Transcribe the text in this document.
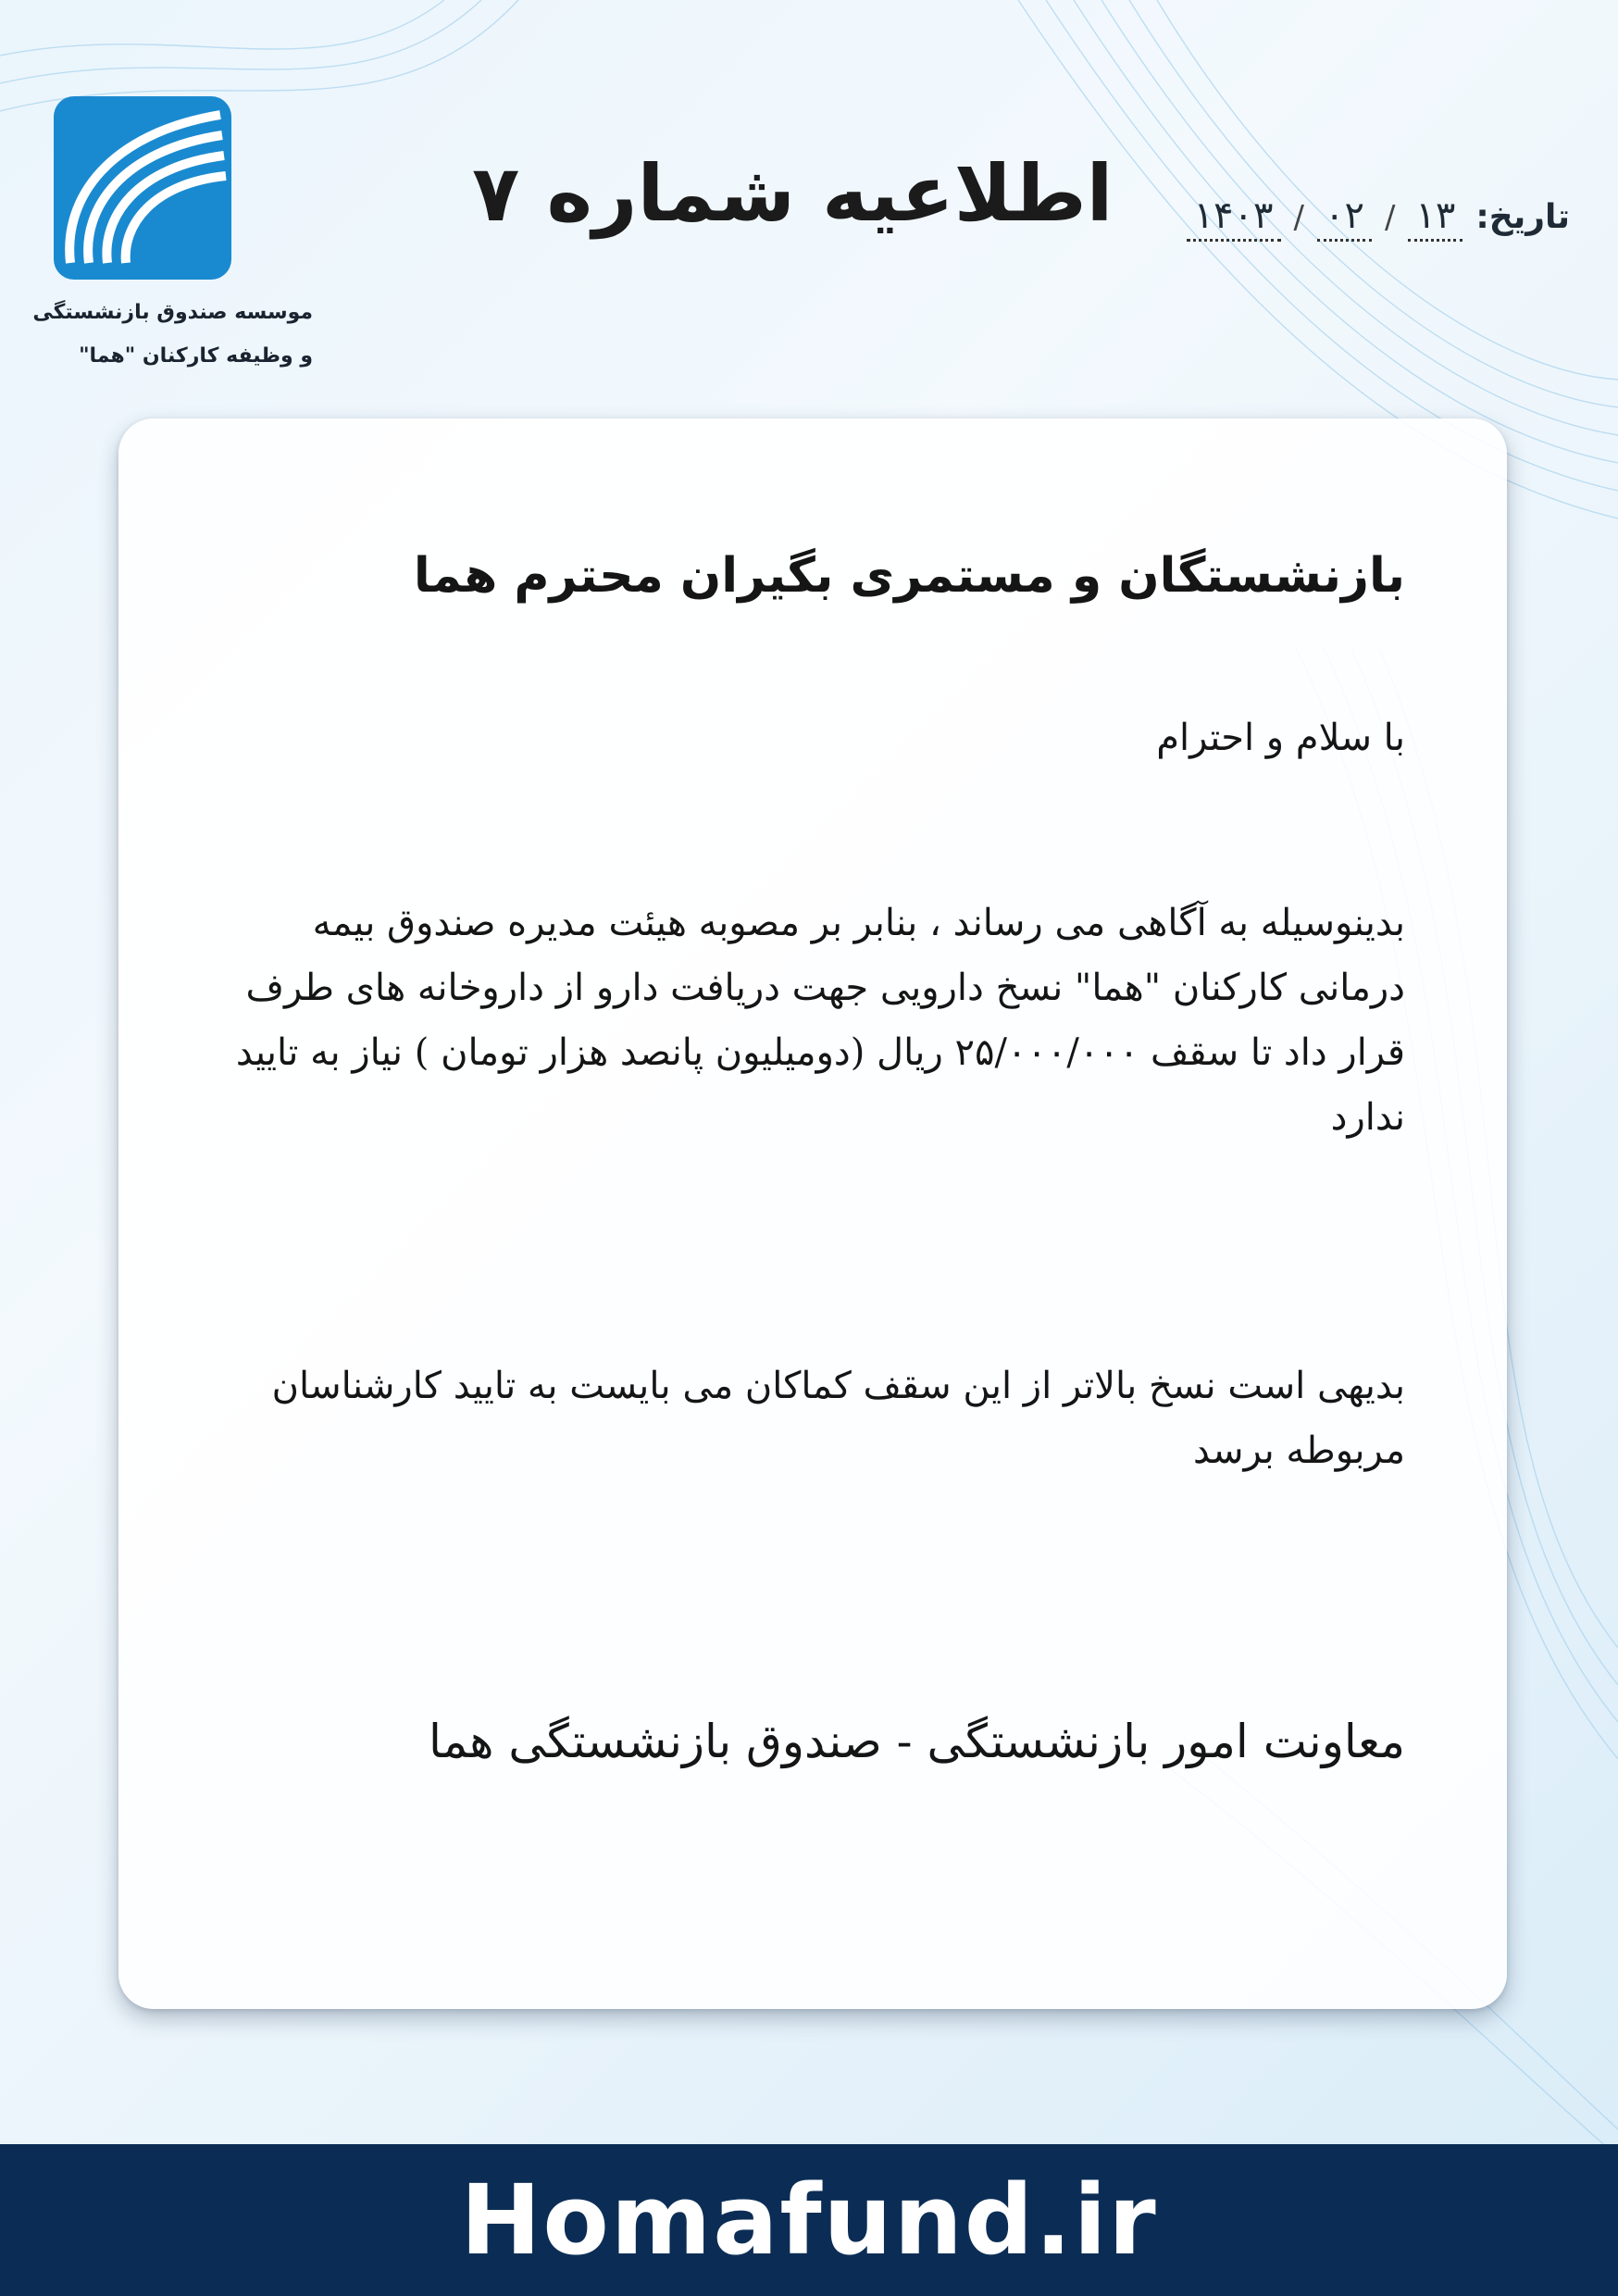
موسسه صندوق بازنشستگی
و وظیفه کارکنان "هما"
اطلاعیه شماره ۷	تاریخ:
۱۳
/
۰۲
/
۱۴۰۳
بازنشستگان و مستمری بگیران محترم هما
با سلام و احترام
بدینوسیله به آگاهی می رساند ، بنابر بر مصوبه هیئت مدیره صندوق بیمه درمانی کارکنان "هما" نسخ دارویی جهت دریافت دارو از داروخانه های طرف قرار داد تا سقف ۲۵/۰۰۰/۰۰۰ ریال (دومیلیون پانصد هزار تومان ) نیاز به تایید ندارد
بدیهی است نسخ بالاتر از این سقف کماکان می بایست به تایید کارشناسان مربوطه برسد
معاونت امور بازنشستگی - صندوق بازنشستگی هما
Homafund.ir
